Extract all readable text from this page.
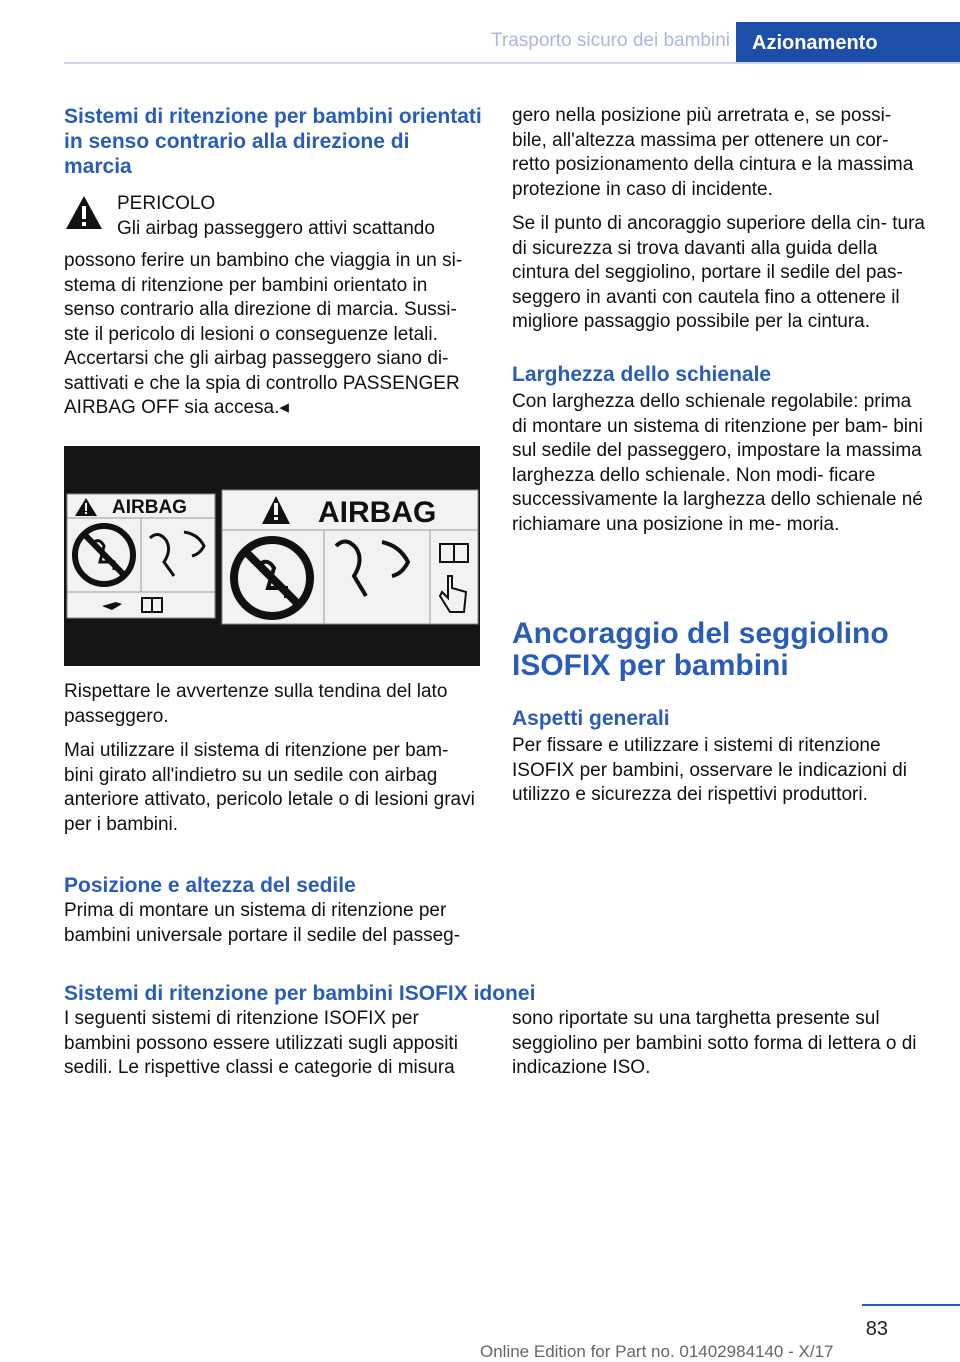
Trasporto sicuro dei bambini	Azionamento
Sistemi di ritenzione per bambini orientati in senso contrario alla direzione di marcia

PERICOLO

Gli airbag passeggero attivi scattando

possono ferire un bambino che viaggia in un si- stema di ritenzione per bambini orientato in senso contrario alla direzione di marcia. Sussi- ste il pericolo di lesioni o conseguenze letali. Accertarsi che gli airbag passeggero siano di- sattivati e che la spia di controllo PASSENGER AIRBAG OFF sia accesa.◂

AIRBAG	AIRBAG

Rispettare le avvertenze sulla tendina del lato passeggero.

Mai utilizzare il sistema di ritenzione per bam- bini girato all'indietro su un sedile con airbag anteriore attivato, pericolo letale o di lesioni gravi per i bambini.

Posizione e altezza del sedile

Prima di montare un sistema di ritenzione per bambini universale portare il sedile del passeg-

gero nella posizione più arretrata e, se possi- bile, all'altezza massima per ottenere un cor- retto posizionamento della cintura e la massima protezione in caso di incidente.

Se il punto di ancoraggio superiore della cin- tura di sicurezza si trova davanti alla guida della cintura del seggiolino, portare il sedile del pas- seggero in avanti con cautela fino a ottenere il migliore passaggio possibile per la cintura.

Larghezza dello schienale

Con larghezza dello schienale regolabile: prima di montare un sistema di ritenzione per bam- bini sul sedile del passeggero, impostare la massima larghezza dello schienale. Non modi- ficare successivamente la larghezza dello schienale né richiamare una posizione in me- moria.

Ancoraggio del seggiolino ISOFIX per bambini
Aspetti generali

Per fissare e utilizzare i sistemi di ritenzione ISOFIX per bambini, osservare le indicazioni di utilizzo e sicurezza dei rispettivi produttori.

Sistemi di ritenzione per bambini ISOFIX idonei

I seguenti sistemi di ritenzione ISOFIX per bambini possono essere utilizzati sugli appositi sedili. Le rispettive classi e categorie di misura

sono riportate su una targhetta presente sul seggiolino per bambini sotto forma di lettera o di indicazione ISO.

83
Online Edition for Part no. 01402984140 - X/17
